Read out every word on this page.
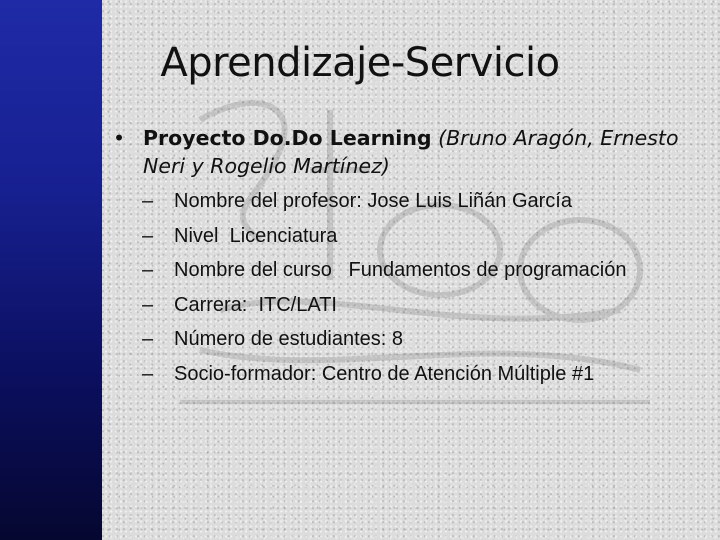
Aprendizaje-Servicio
• Proyecto Do.Do Learning (Bruno Aragón, Ernesto Neri y Rogelio Martínez)
–	Nombre del profesor: Jose Luis Liñán García
–	Nivel  Licenciatura
–	Nombre del curso   Fundamentos de programación
–	Carrera:  ITC/LATI
–	Número de estudiantes: 8
–	Socio-formador: Centro de Atención Múltiple #1
